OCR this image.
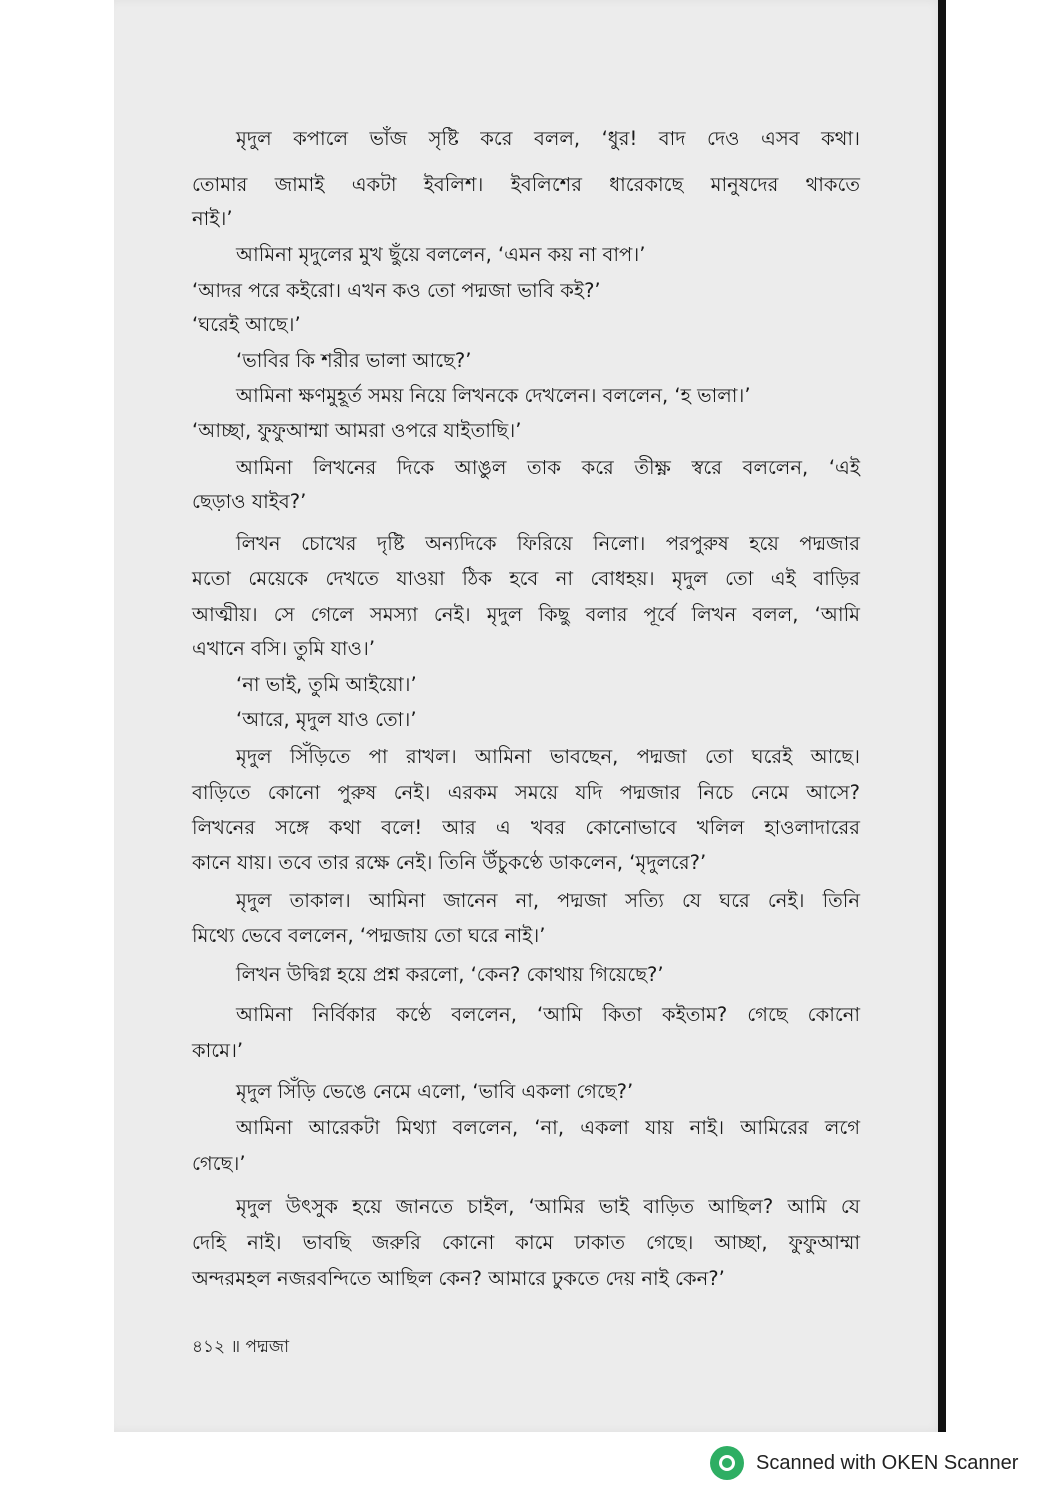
মৃদুল কপালে ভাঁজ সৃষ্টি করে বলল, ‘ধুর! বাদ দেও এসব কথা।
তোমার জামাই একটা ইবলিশ। ইবলিশের ধারেকাছে মানুষদের থাকতে
নাই।’
আমিনা মৃদুলের মুখ ছুঁয়ে বললেন, ‘এমন কয় না বাপ।’
‘আদর পরে কইরো। এখন কও তো পদ্মজা ভাবি কই?’
‘ঘরেই আছে।’
‘ভাবির কি শরীর ভালা আছে?’
আমিনা ক্ষণমুহূর্ত সময় নিয়ে লিখনকে দেখলেন। বললেন, ‘হ ভালা।’
‘আচ্ছা, ফুফুআম্মা আমরা ওপরে যাইতাছি।’
আমিনা লিখনের দিকে আঙুল তাক করে তীক্ষ্ণ স্বরে বললেন, ‘এই
ছেড়াও যাইব?’
লিখন চোখের দৃষ্টি অন্যদিকে ফিরিয়ে নিলো। পরপুরুষ হয়ে পদ্মজার
মতো মেয়েকে দেখতে যাওয়া ঠিক হবে না বোধহয়। মৃদুল তো এই বাড়ির
আত্মীয়। সে গেলে সমস্যা নেই। মৃদুল কিছু বলার পূর্বে লিখন বলল, ‘আমি
এখানে বসি। তুমি যাও।’
‘না ভাই, তুমি আইয়ো।’
‘আরে, মৃদুল যাও তো।’
মৃদুল সিঁড়িতে পা রাখল। আমিনা ভাবছেন, পদ্মজা তো ঘরেই আছে।
বাড়িতে কোনো পুরুষ নেই। এরকম সময়ে যদি পদ্মজার নিচে নেমে আসে?
লিখনের সঙ্গে কথা বলে! আর এ খবর কোনোভাবে খলিল হাওলাদারের
কানে যায়। তবে তার রক্ষে নেই। তিনি উঁচুকণ্ঠে ডাকলেন, ‘মৃদুলরে?’
মৃদুল তাকাল। আমিনা জানেন না, পদ্মজা সত্যি যে ঘরে নেই। তিনি
মিথ্যে ভেবে বললেন, ‘পদ্মজায় তো ঘরে নাই।’
লিখন উদ্বিগ্ন হয়ে প্রশ্ন করলো, ‘কেন? কোথায় গিয়েছে?’
আমিনা নির্বিকার কণ্ঠে বললেন, ‘আমি কিতা কইতাম? গেছে কোনো
কামে।’
মৃদুল সিঁড়ি ভেঙে নেমে এলো, ‘ভাবি একলা গেছে?’
আমিনা আরেকটা মিথ্যা বললেন, ‘না, একলা যায় নাই। আমিরের লগে
গেছে।’
মৃদুল উৎসুক হয়ে জানতে চাইল, ‘আমির ভাই বাড়িত আছিল? আমি যে
দেহি নাই। ভাবছি জরুরি কোনো কামে ঢাকাত গেছে। আচ্ছা, ফুফুআম্মা
অন্দরমহল নজরবন্দিতে আছিল কেন? আমারে ঢুকতে দেয় নাই কেন?’
৪১২ ॥ পদ্মজা
Scanned with OKEN Scanner
